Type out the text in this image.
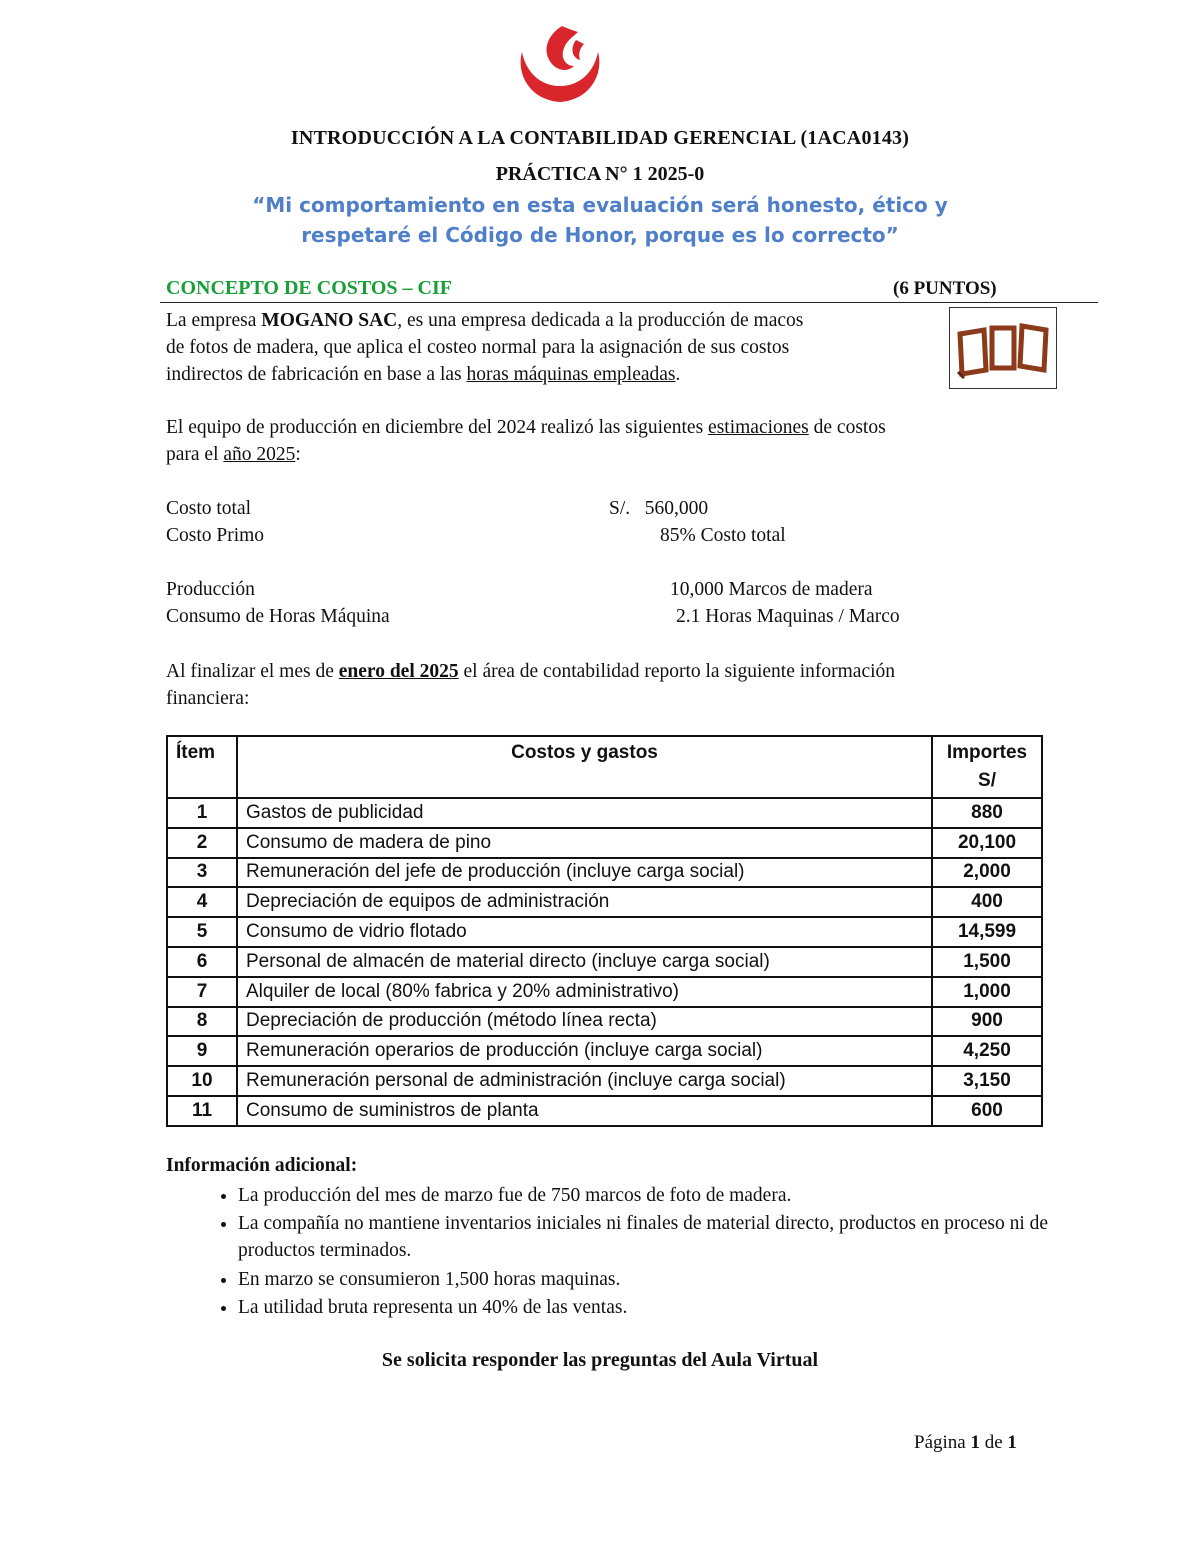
INTRODUCCIÓN A LA CONTABILIDAD GERENCIAL (1ACA0143)
PRÁCTICA N° 1 2025-0
“Mi comportamiento en esta evaluación será honesto, ético y
respetaré el Código de Honor, porque es lo correcto”
CONCEPTO DE COSTOS – CIF	(6 PUNTOS)
La empresa MOGANO SAC, es una empresa dedicada a la producción de macos
de fotos de madera, que aplica el costeo normal para la asignación de sus costos
indirectos de fabricación en base a las horas máquinas empleadas.
El equipo de producción en diciembre del 2024 realizó las siguientes estimaciones de costos
para el año 2025:
Costo total	S/.   560,000
Costo Primo	85% Costo total
Producción	10,000 Marcos de madera
Consumo de Horas Máquina	2.1 Horas Maquinas / Marco
Al finalizar el mes de enero del 2025 el área de contabilidad reporto la siguiente información
financiera:
Ítem	Costos y gastos	Importes
S/

1	Gastos de publicidad	880
2	Consumo de madera de pino	20,100
3	Remuneración del jefe de producción (incluye carga social)	2,000
4	Depreciación de equipos de administración	400
5	Consumo de vidrio flotado	14,599
6	Personal de almacén de material directo (incluye carga social)	1,500
7	Alquiler de local (80% fabrica y 20% administrativo)	1,000
8	Depreciación de producción (método línea recta)	900
9	Remuneración operarios de producción (incluye carga social)	4,250
10	Remuneración personal de administración (incluye carga social)	3,150
11	Consumo de suministros de planta	600
Información adicional:
• La producción del mes de marzo fue de 750 marcos de foto de madera.
• La compañía no mantiene inventarios iniciales ni finales de material directo, productos en proceso ni de productos terminados.
• En marzo se consumieron 1,500 horas maquinas.
• La utilidad bruta representa un 40% de las ventas.
Se solicita responder las preguntas del Aula Virtual
Página 1 de 1
